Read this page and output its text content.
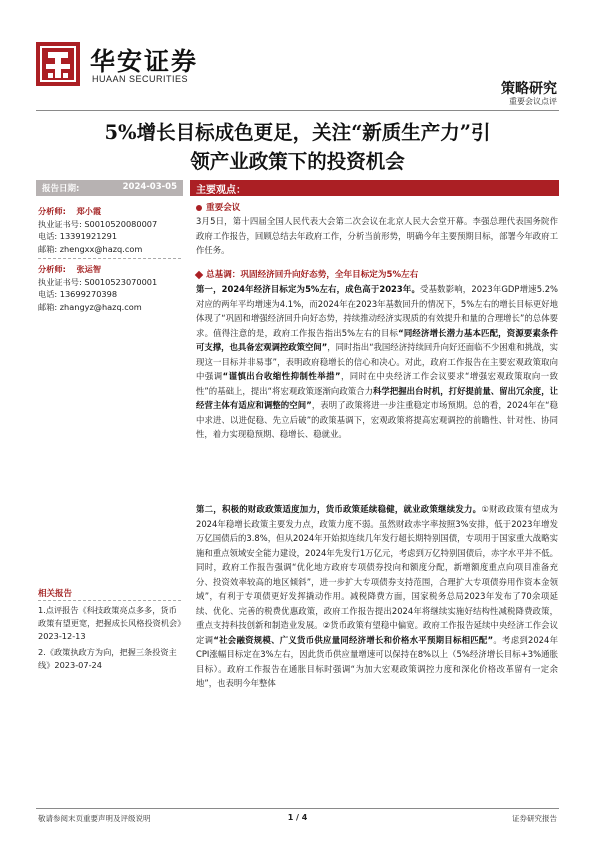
华安证券
HUAAN SECURITIES
策略研究
重要会议点评
5%增长目标成色更足，关注“新质生产力”引
领产业政策下的投资机会
报告日期:	2024-03-05
分析师: 郑小霞
执业证书号: S0010520080007
电话: 13391921291
邮箱: zhengxx@hazq.com
分析师: 张运智
执业证书号: S0010523070001
电话: 13699270398
邮箱: zhangyz@hazq.com
相关报告
1.点评报告《科技政策亮点多多，货币政策有望更宽，把握成长风格投资机会》2023-12-13
2.《政策执政方为向，把握三条投资主线》2023-07-24
主要观点：
重要会议
3月5日，第十四届全国人民代表大会第二次会议在北京人民大会堂开幕。李强总理代表国务院作政府工作报告，回顾总结去年政府工作，分析当前形势，明确今年主要预期目标，部署今年政府工作任务。
总基调：巩固经济回升向好态势，全年目标定为5%左右
第一，2024年经济目标定为5%左右，成色高于2023年。受基数影响，2023年GDP增速5.2%对应的两年平均增速为4.1%，而2024年在2023年基数回升的情况下，5%左右的增长目标更好地体现了“巩固和增强经济回升向好态势，持续推动经济实现质的有效提升和量的合理增长”的总体要求。值得注意的是，政府工作报告指出5%左右的目标“同经济增长潜力基本匹配，资源要素条件可支撑，也具备宏观调控政策空间”，同时指出“我国经济持续回升向好还面临不少困难和挑战，实现这一目标并非易事”，表明政府稳增长的信心和决心。对此，政府工作报告在主要宏观政策取向中强调“谨慎出台收缩性抑制性举措”，同时在中央经济工作会议要求“增强宏观政策取向一致性”的基础上，提出“将宏观政策逐渐向政策合力科学把握出台时机，打好提前量、留出冗余度，让经营主体有适应和调整的空间”，表明了政策将进一步注重稳定市场预期。总的看，2024年在“稳中求进、以进促稳、先立后破”的政策基调下，宏观政策将提高宏观调控的前瞻性、针对性、协同性，着力实现稳预期、稳增长、稳就业。
第二，积极的财政政策适度加力，货币政策延续稳健，就业政策继续发力。①财政政策有望成为2024年稳增长政策主要发力点，政策力度不弱。虽然财政赤字率按照3%安排，低于2023年增发万亿国债后的3.8%，但从2024年开始拟连续几年发行超长期特别国债，专项用于国家重大战略实施和重点领域安全能力建设，2024年先发行1万亿元，考虑到万亿特别国债后，赤字水平并不低。同时，政府工作报告强调“优化地方政府专项债券投向和额度分配，新增额度重点向项目准备充分、投资效率较高的地区倾斜”，进一步扩大专项债券支持范围，合理扩大专项债券用作资本金领域”，有利于专项债更好发挥撬动作用。减税降费方面，国家税务总局2023年发布了70余项延续、优化、完善的税费优惠政策，政府工作报告提出2024年将继续实施好结构性减税降费政策，重点支持科技创新和制造业发展。②货币政策有望稳中偏宽。政府工作报告延续中央经济工作会议定调“社会融资规模、广义货币供应量同经济增长和价格水平预期目标相匹配”。考虑到2024年CPI涨幅目标定在3%左右，因此货币供应量增速可以保持在8%以上（5%经济增长目标+3%通胀目标）。政府工作报告在通胀目标时强调“为加大宏观政策调控力度和深化价格改革留有一定余地”，也表明今年整体
敬请参阅末页重要声明及评级说明	1 / 4	证券研究报告
